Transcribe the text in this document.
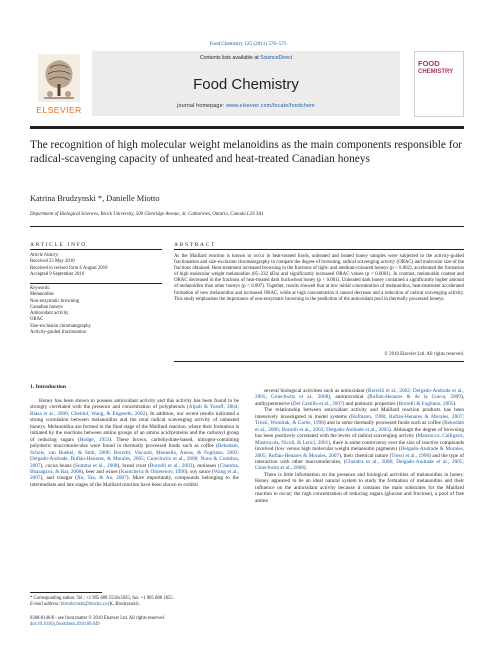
Food Chemistry 125 (2011) 570–575
ELSEVIER
Contents lists available at ScienceDirect
Food Chemistry
journal homepage: www.elsevier.com/locate/foodchem
FOOD
CHEMISTRY
The recognition of high molecular weight melanoidins as the main components responsible for radical-scavenging capacity of unheated and heat-treated Canadian honeys
Katrina Brudzynski *, Danielle Miotto
Department of Biological Sciences, Brock University, 500 Glenridge Avenue, St. Catharines, Ontario, Canada L2S 3A1
ARTICLE INFO
Article history:
Received 25 May 2010
Received in revised form 6 August 2010
Accepted 9 September 2010
Keywords:
Melanoidins
Non-enzymatic browning
Canadian honeys
Antioxidant activity
ORAC
Size-exclusion chromatography
Activity-guided fractionation
ABSTRACT
As the Maillard reaction is known to occur in heat-treated foods, unheated and heated honey samples were subjected to the activity-guided fractionation and size-exclusion chromatography to compare the degree of browning, radical scavenging activity (ORAC) and molecular size of the fractions obtained. Heat-treatment increased browning in the fractions of light- and medium-coloured honeys (p < 0.002), accelerated the formation of high molecular weight melanoidins (85–232 kDa) and significantly increased ORAC values (p < 0.0001). In contrast, melanoidin content and ORAC decreased in the fractions of heat-treated dark buckwheat honey (p < 0.001). Unheated dark honey contained a significantly higher amount of melanoidins than other honeys (p < 0.007). Together, results showed that at low initial concentration of melanoidins, heat-treatment accelerated formation of new melanoidins and increased ORAC, while at high concentration it caused decrease and a reduction of radical scavenging activity. This study emphasises the importance of non-enzymatic browning in the prediction of the antioxidant pool in thermally processed honeys.
© 2010 Elsevier Ltd. All rights reserved.
1. Introduction

Honey has been shown to possess antioxidant activity and this activity has been found to be strongly correlated with the presence and concentration of polyphenols (Aljadi & Yusoff, 2004; Blasa et al., 2006; Gheldof, Wang, & Engeseth, 2002). In addition, our recent results indicated a strong correlation between melanoidins and the total radical scavenging activity of unheated honeys. Melanoidins are formed in the final stage of the Maillard reaction, where their formation is initiated by the reactions between amino groups of an amino acid/proteins and the carbonyl group of reducing sugars (Hodge, 1953). These brown, carbohydrate-based, nitrogen-containing polymeric macromolecules were found in thermally processed foods such as coffee (Bekedam, Schols, van Boekel, & Smit, 2006; Borrelli, Visconti, Mennella, Anese, & Fogliano, 2002; Delgado-Andrade, Rufián-Henares, & Morales, 2005; Gniechwitz et al., 2008; Nuns & Coimbra, 2007), cocoa beans (Summa et al., 2008), bread crust (Borrelli et al., 2003), molasses (Chandra, Bharagava, & Rai, 2008), beer and wines (Kuntcheva & Obretenov, 1996), soy sauce (Wang et al., 2007), and vinegar (Xu, Tao, & Ao, 2007). More importantly, compounds belonging to the intermediate and late stages of the Maillard reaction have been shown to exhibit

several biological activities such as antioxidant (Borrelli et al., 2002; Delgado-Andrade et al., 2005; Gniechwitz et al., 2008), antimicrobial (Rufián-Henares & de la Cueva, 2009), antihypertensive (Del Castillo et al., 2007) and prebiotic properties (Borrelli & Fogliano, 2005).

The relationship between antioxidant activity and Maillard reaction products has been intensively investigated in model systems (Hofmann, 1998; Rufián-Henares & Morales, 2007; Tressl, Wondrak, & Garbe, 1998) and in some thermally processed foods such as coffee (Bekedam et al., 2006; Borrelli et al., 2002; Delgado-Andrade et al., 2005). Although the degree of browning has been positively correlated with the levels of radical scavenging activity (Manzocco, Calligaris, Mastrocola, Nicoli, & Lerici, 2001), there is some controversy over the size of reactive compounds involved (low versus high molecular weight melanoidin pigments) (Delgado-Andrade & Morales, 2005; Rufián-Henares & Morales, 2007), their chemical nature (Tressl et al., 1998) and the type of interaction with other macromolecules, (Chandra et al., 2008; Delgado-Andrade et al., 2005; Gniechwitz et al., 2008).

There is little information on the presence and biological activities of melanoidins in honey. Honey appeared to be an ideal natural system to study the formation of melanoidins and their influence on the antioxidant activity because it contains the main substrates for the Maillard reaction to occur; the high concentration of reducing sugars (glucose and fructose), a pool of free amino

* Corresponding author. Tel.: +1 905 688 5550x5035; fax: +1 905 688 1855.
E-mail address: kbrudzynski@brocku.ca (K. Brudzynski).
0308-8146/$ - see front matter © 2010 Elsevier Ltd. All rights reserved.
doi:10.1016/j.foodchem.2010.09.049
